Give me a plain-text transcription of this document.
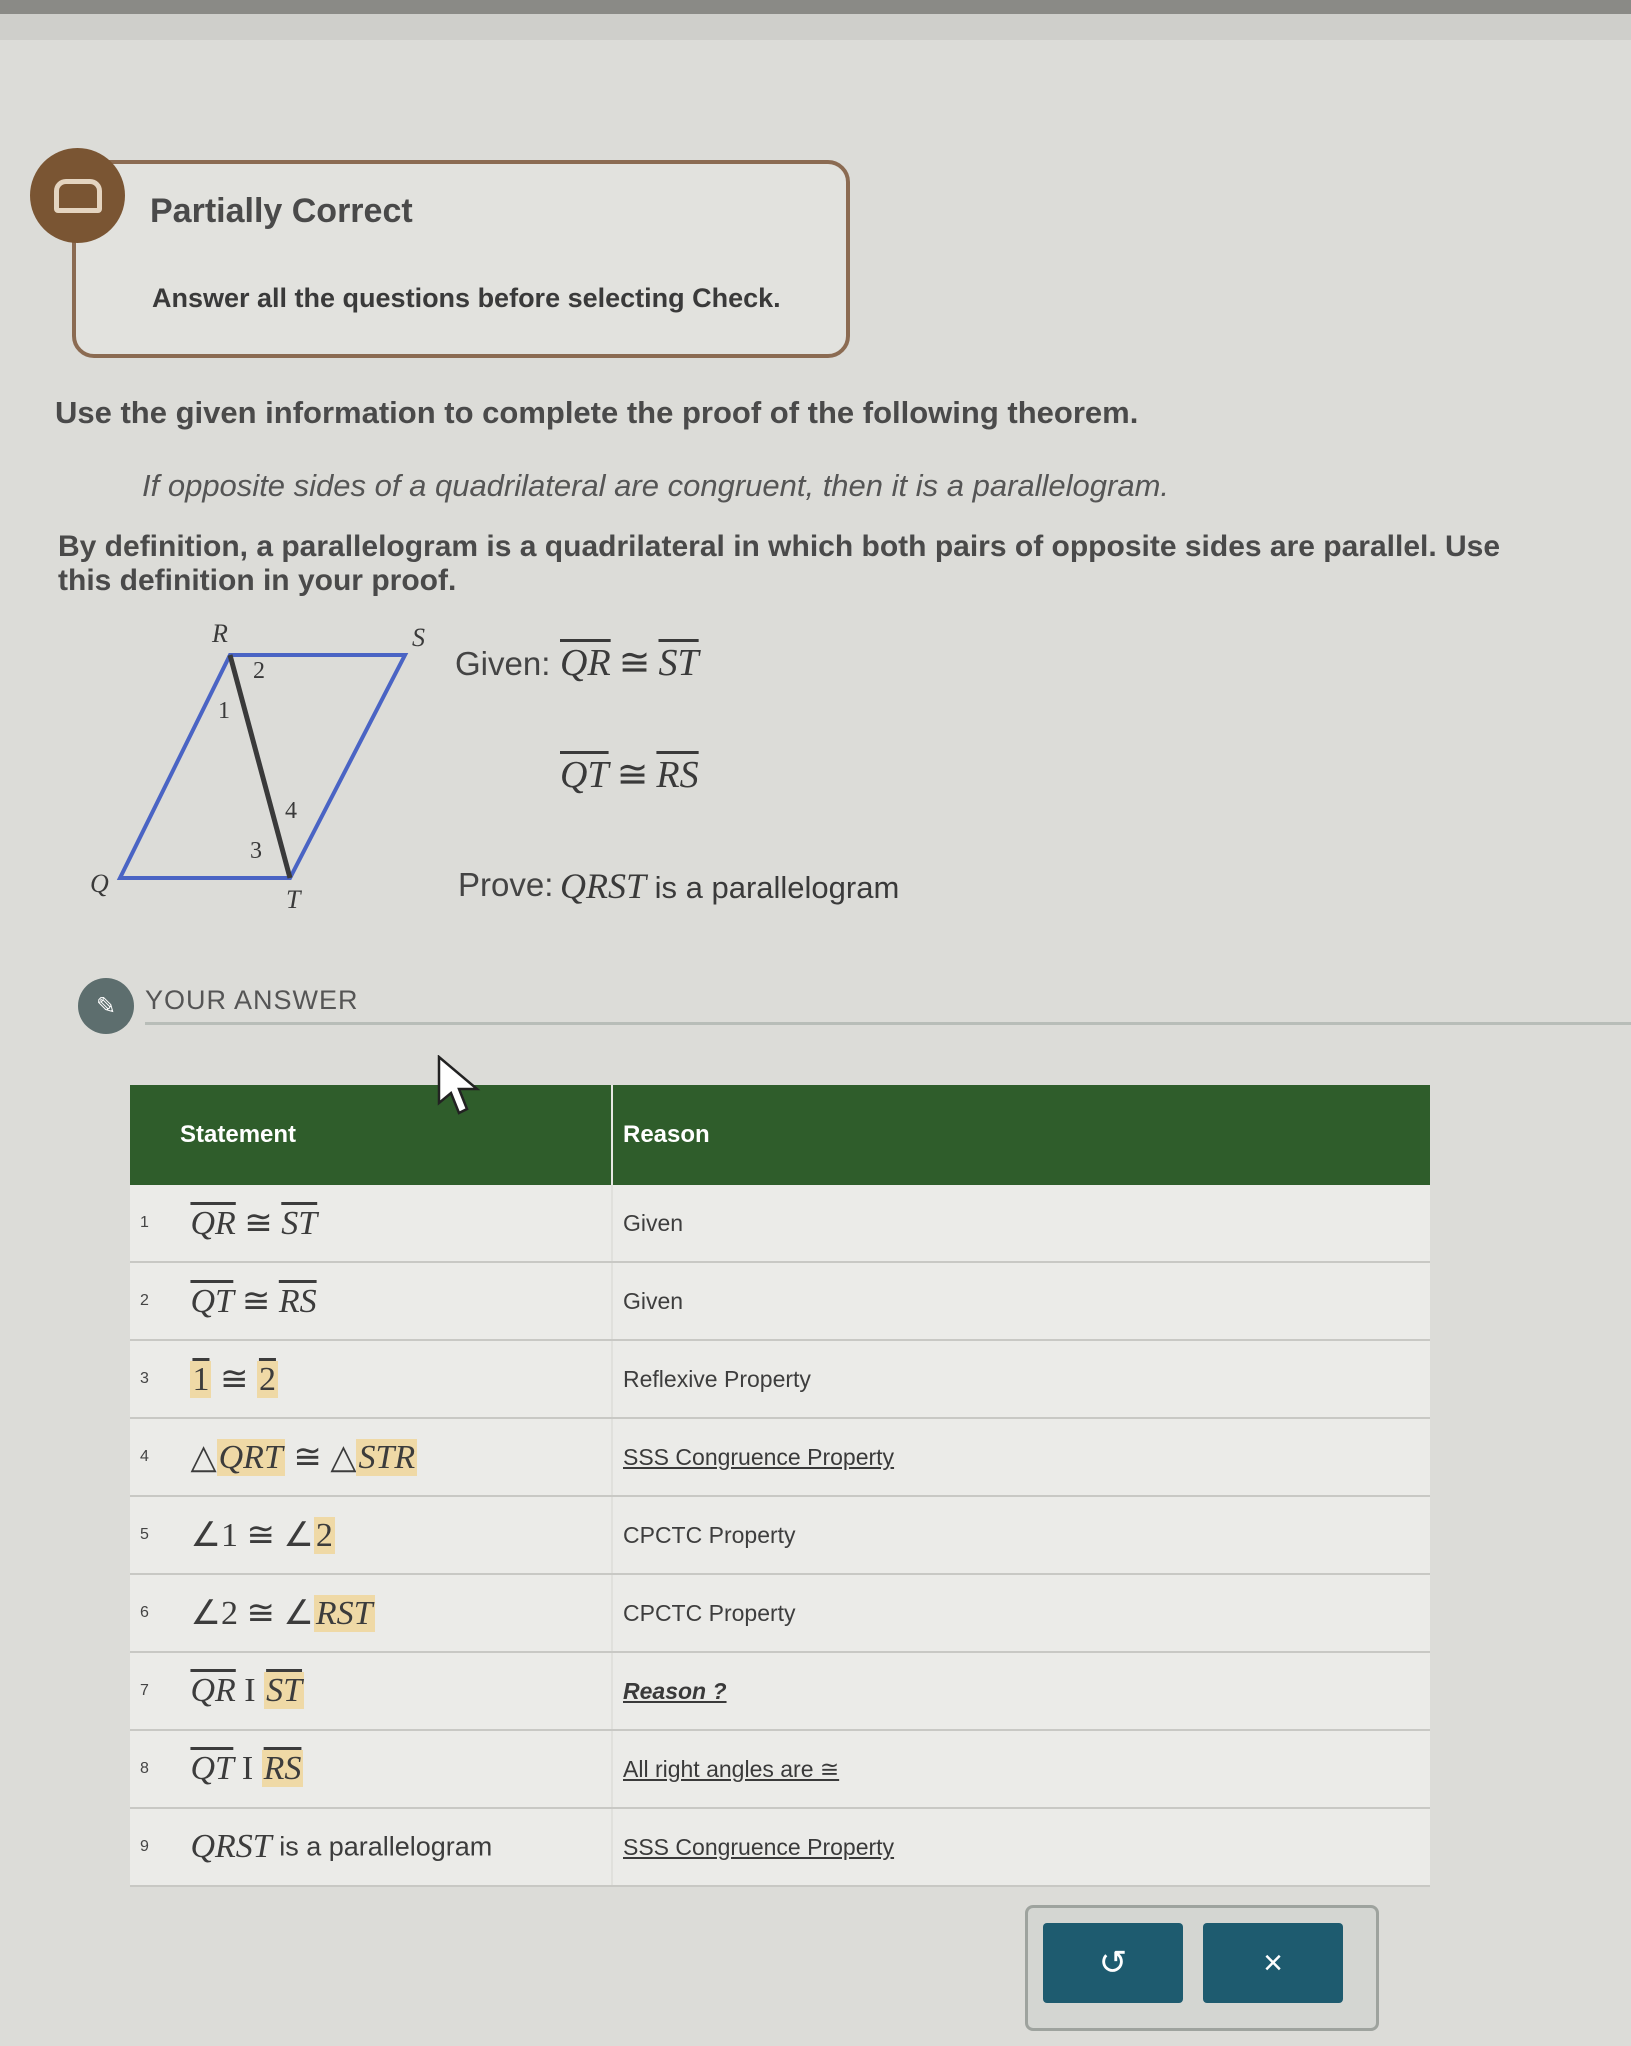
Partially Correct
Answer all the questions before selecting Check.
Use the given information to complete the proof of the following theorem.
If opposite sides of a quadrilateral are congruent, then it is a parallelogram.
By definition, a parallelogram is a quadrilateral in which both pairs of opposite sides are parallel. Use this definition in your proof.
R	S
Q
T
1
2
3
4
Given: $\overline{QR}$ ≅ $\overline{ST}$
$\overline{QT}$ ≅ $\overline{RS}$
Prove: QRST is a parallelogram
✎	YOUR ANSWER
Statement	Reason
1 $\overline{QR}$ ≅ $\overline{ST}$	Given
2 $\overline{QT}$ ≅ $\overline{RS}$	Given
3 1 ≅ 2	Reflexive Property
4 △QRT ≅ △STR	SSS Congruence Property
5 ∠1 ≅ ∠2	CPCTC Property
6 ∠2 ≅ ∠RST	CPCTC Property
7 $\overline{QR}$ I $\overline{ST}$	Reason ?
8 $\overline{QT}$ I $\overline{RS}$	All right angles are ≅
9 QRST is a parallelogram	SSS Congruence Property
↺	×
